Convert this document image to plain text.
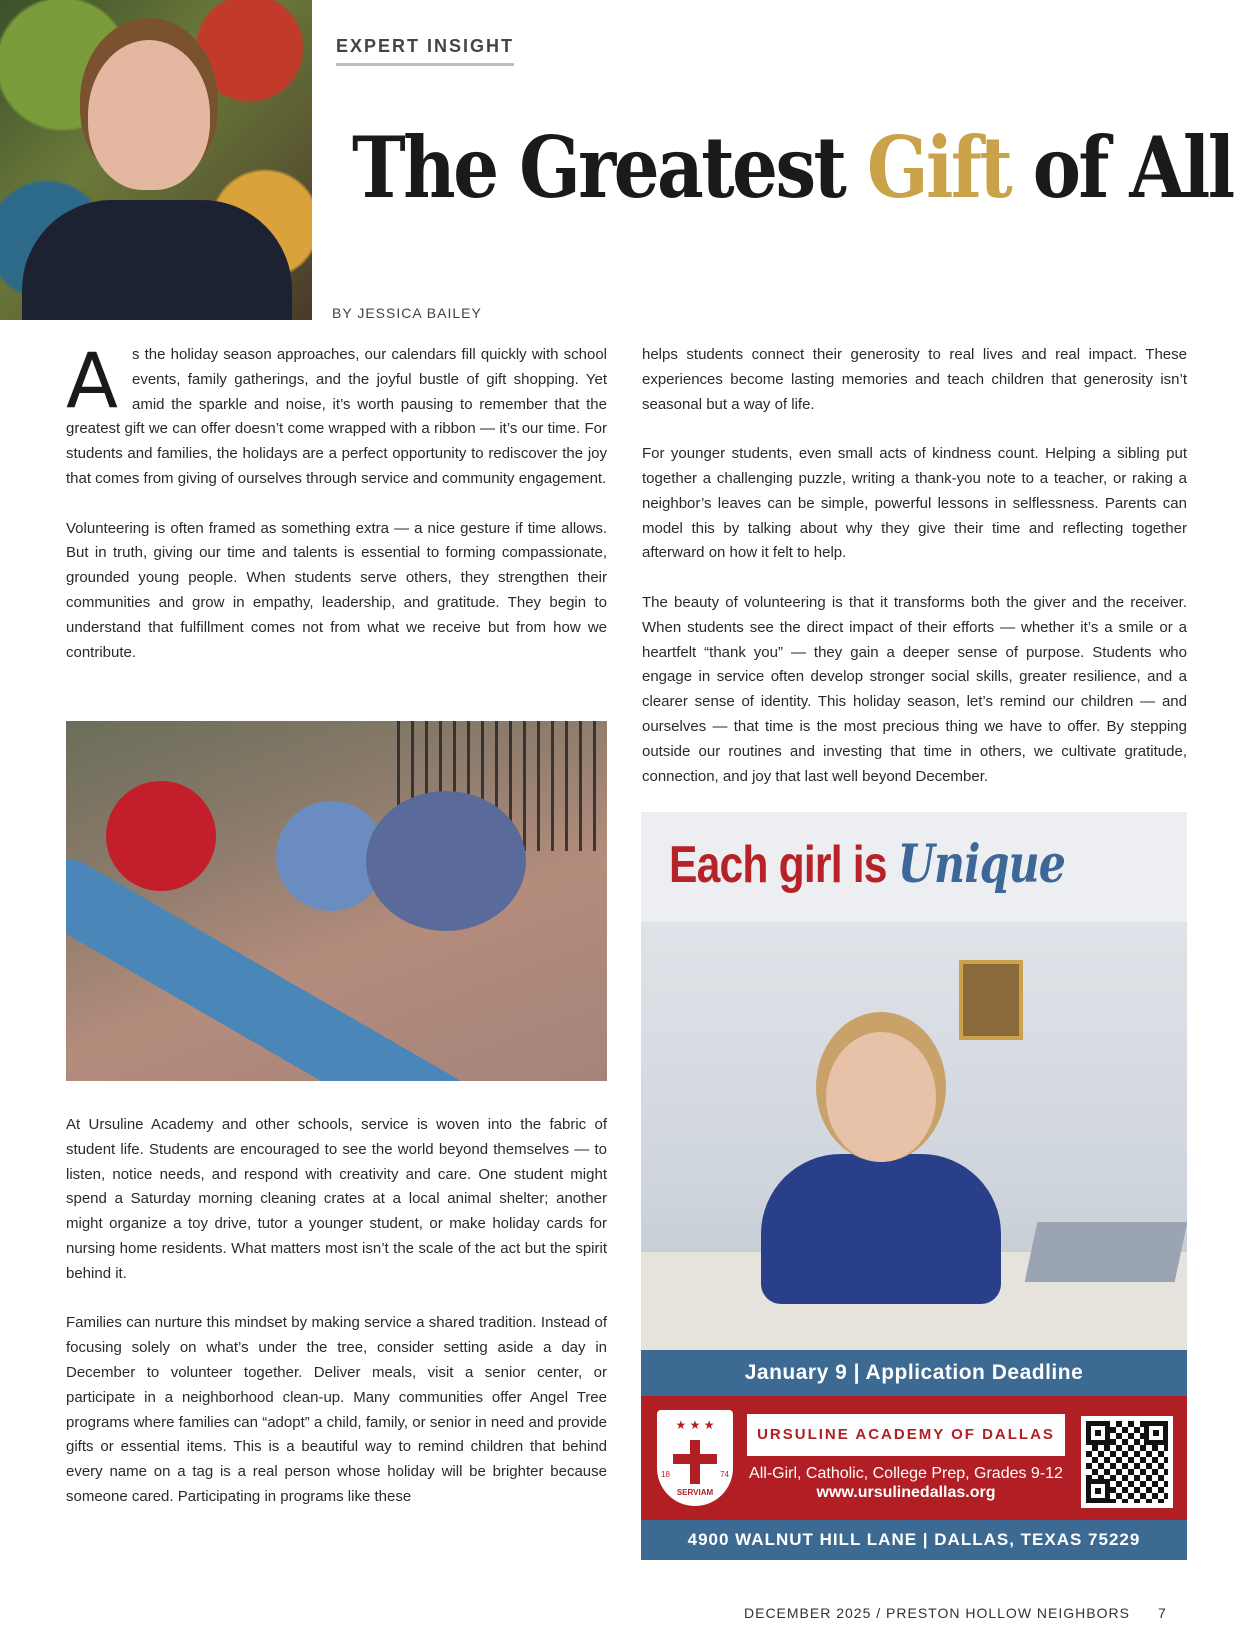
EXPERT INSIGHT
The Greatest Gift of All
BY JESSICA BAILEY

As the holiday season approaches, our calendars fill quickly with school events, family gatherings, and the joyful bustle of gift shopping. Yet amid the sparkle and noise, it’s worth pausing to remember that the greatest gift we can offer doesn’t come wrapped with a ribbon — it’s our time. For students and families, the holidays are a perfect opportunity to rediscover the joy that comes from giving of ourselves through service and community engagement.

Volunteering is often framed as something extra — a nice gesture if time allows. But in truth, giving our time and talents is essential to forming compassionate, grounded young people. When students serve others, they strengthen their communities and grow in empathy, leadership, and gratitude. They begin to understand that fulfillment comes not from what we receive but from how we contribute.

At Ursuline Academy and other schools, service is woven into the fabric of student life. Students are encouraged to see the world beyond themselves — to listen, notice needs, and respond with creativity and care. One student might spend a Saturday morning cleaning crates at a local animal shelter; another might organize a toy drive, tutor a younger student, or make holiday cards for nursing home residents. What matters most isn’t the scale of the act but the spirit behind it.

Families can nurture this mindset by making service a shared tradition. Instead of focusing solely on what’s under the tree, consider setting aside a day in December to volunteer together. Deliver meals, visit a senior center, or participate in a neighborhood clean-up. Many communities offer Angel Tree programs where families can “adopt” a child, family, or senior in need and provide gifts or essential items. This is a beautiful way to remind children that behind every name on a tag is a real person whose holiday will be brighter because someone cared. Participating in programs like these

helps students connect their generosity to real lives and real impact. These experiences become lasting memories and teach children that generosity isn’t seasonal but a way of life.

For younger students, even small acts of kindness count. Helping a sibling put together a challenging puzzle, writing a thank-you note to a teacher, or raking a neighbor’s leaves can be simple, powerful lessons in selflessness. Parents can model this by talking about why they give their time and reflecting together afterward on how it felt to help.

The beauty of volunteering is that it transforms both the giver and the receiver. When students see the direct impact of their efforts — whether it’s a smile or a heartfelt “thank you” — they gain a deeper sense of purpose. Students who engage in service often develop stronger social skills, greater resilience, and a clearer sense of identity. This holiday season, let’s remind our children — and ourselves — that time is the most precious thing we have to offer. By stepping outside our routines and investing that time in others, we cultivate gratitude, connection, and joy that last well beyond December.

Each girl is Unique
January 9 | Application Deadline
★ ★ ★
18	74
SERVIAM
URSULINE ACADEMY OF DALLAS
All-Girl, Catholic, College Prep, Grades 9-12
www.ursulinedallas.org
4900 WALNUT HILL LANE | DALLAS, TEXAS 75229
DECEMBER 2025 / PRESTON HOLLOW NEIGHBORS 7
